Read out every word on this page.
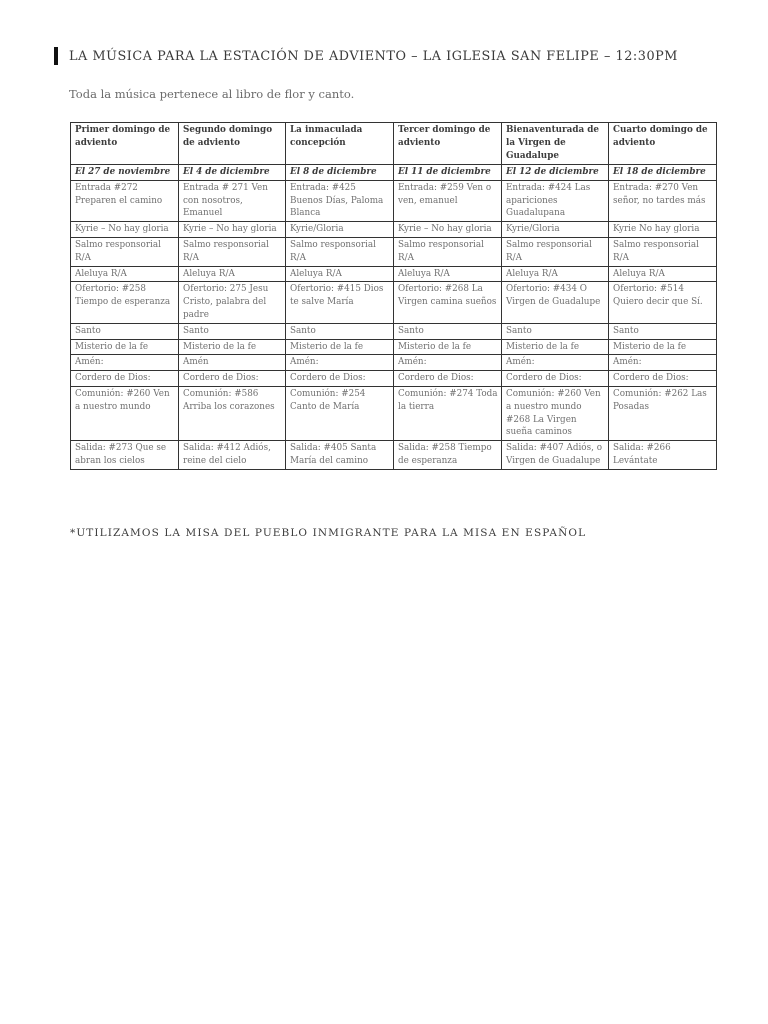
LA MÚSICA PARA LA ESTACIÓN DE ADVIENTO – LA IGLESIA SAN FELIPE – 12:30PM
Toda la música pertenece al libro de flor y canto.
Primer domingo de adviento	Segundo domingo de adviento	La inmaculada concepción	Tercer domingo de adviento	Bienaventurada de la Virgen de Guadalupe	Cuarto domingo de adviento
El 27 de noviembre	El 4 de diciembre	El 8 de diciembre	El 11 de diciembre	El 12 de diciembre	El 18 de diciembre
Entrada #272 Preparen el camino	Entrada # 271 Ven con nosotros, Emanuel	Entrada: #425 Buenos Días, Paloma Blanca	Entrada: #259 Ven o ven, emanuel	Entrada: #424 Las apariciones Guadalupana	Entrada: #270 Ven señor, no tardes más
Kyrie – No hay gloria	Kyrie – No hay gloria	Kyrie/Gloria	Kyrie – No hay gloria	Kyrie/Gloria	Kyrie No hay gloria
Salmo responsorial R/A	Salmo responsorial R/A	Salmo responsorial R/A	Salmo responsorial R/A	Salmo responsorial R/A	Salmo responsorial R/A
Aleluya R/A	Aleluya R/A	Aleluya R/A	Aleluya R/A	Aleluya R/A	Aleluya R/A
Ofertorio: #258 Tiempo de esperanza	Ofertorio: 275 Jesu Cristo, palabra del padre	Ofertorio: #415 Dios te salve María	Ofertorio: #268 La Virgen camina sueños	Ofertorio: #434 O Virgen de Guadalupe	Ofertorio: #514 Quiero decir que Sí.
Santo	Santo	Santo	Santo	Santo	Santo
Misterio de la fe	Misterio de la fe	Misterio de la fe	Misterio de la fe	Misterio de la fe	Misterio de la fe
Amén:	Amén	Amén:	Amén:	Amén:	Amén:
Cordero de Dios:	Cordero de Dios:	Cordero de Dios:	Cordero de Dios:	Cordero de Dios:	Cordero de Dios:
Comunión: #260 Ven a nuestro mundo	Comunión: #586 Arriba los corazones	Comunión: #254 Canto de María	Comunión: #274 Toda la tierra	Comunión: #260 Ven a nuestro mundo #268 La Virgen sueña caminos	Comunión: #262 Las Posadas
Salida: #273 Que se abran los cielos	Salida: #412 Adiós, reine del cielo	Salida: #405 Santa María del camino	Salida: #258 Tiempo de esperanza	Salida: #407 Adiós, o Virgen de Guadalupe	Salida: #266 Levántate
*UTILIZAMOS LA MISA DEL PUEBLO INMIGRANTE PARA LA MISA EN ESPAÑOL
